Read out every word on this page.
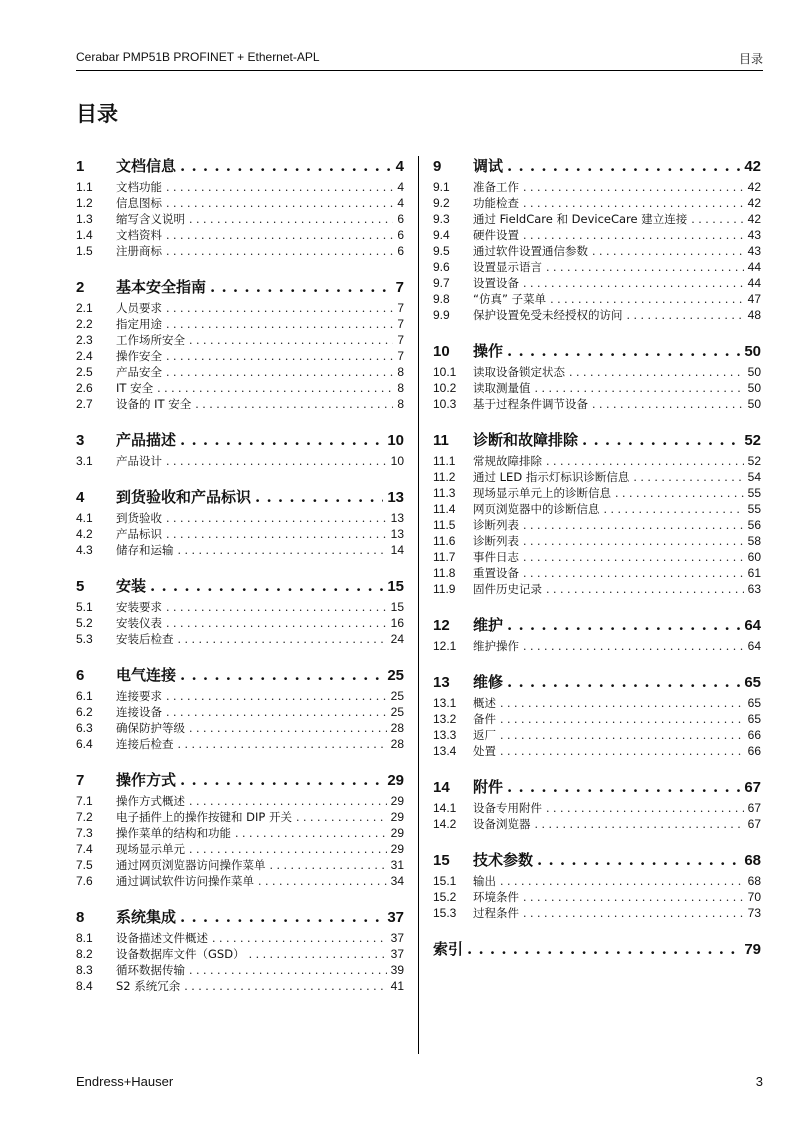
Cerabar PMP51B PROFINET + Ethernet-APL	目录
目录
1	文档信息 . . .	4
1.1	文档功能 . . .	4
1.2	信息图标 . . .	4
1.3	缩写含义说明 . . .	6
1.4	文档资料 . . .	6
1.5	注册商标 . . .	6
2	基本安全指南 . . .	7
2.1	人员要求 . . .	7
2.2	指定用途 . . .	7
2.3	工作场所安全 . . .	7
2.4	操作安全 . . .	7
2.5	产品安全 . . .	8
2.6	IT 安全 . . .	8
2.7	设备的 IT 安全 . . .	8
3	产品描述 . . .	10
3.1	产品设计 . . .	10
4	到货验收和产品标识 . . .	13
4.1	到货验收 . . .	13
4.2	产品标识 . . .	13
4.3	储存和运输 . . .	14
5	安装 . . .	15
5.1	安装要求 . . .	15
5.2	安装仪表 . . .	16
5.3	安装后检查 . . .	24
6	电气连接 . . .	25
6.1	连接要求 . . .	25
6.2	连接设备 . . .	25
6.3	确保防护等级 . . .	28
6.4	连接后检查 . . .	28
7	操作方式 . . .	29
7.1	操作方式概述 . . .	29
7.2	电子插件上的操作按键和 DIP 开关 . . .	29
7.3	操作菜单的结构和功能 . . .	29
7.4	现场显示单元 . . .	29
7.5	通过网页浏览器访问操作菜单 . . .	31
7.6	通过调试软件访问操作菜单 . . .	34
8	系统集成 . . .	37
8.1	设备描述文件概述 . . .	37
8.2	设备数据库文件（GSD） . . .	37
8.3	循环数据传输 . . .	39
8.4	S2 系统冗余 . . .	41
9	调试 . . .	42
9.1	准备工作 . . .	42
9.2	功能检查 . . .	42
9.3	通过 FieldCare 和 DeviceCare 建立连接 . . .	42
9.4	硬件设置 . . .	43
9.5	通过软件设置通信参数 . . .	43
9.6	设置显示语言 . . .	44
9.7	设置设备 . . .	44
9.8	“仿真” 子菜单 . . .	47
9.9	保护设置免受未经授权的访问 . . .	48
10	操作 . . .	50
10.1	读取设备锁定状态 . . .	50
10.2	读取测量值 . . .	50
10.3	基于过程条件调节设备 . . .	50
11	诊断和故障排除 . . .	52
11.1	常规故障排除 . . .	52
11.2	通过 LED 指示灯标识诊断信息 . . .	54
11.3	现场显示单元上的诊断信息 . . .	55
11.4	网页浏览器中的诊断信息 . . .	55
11.5	诊断列表 . . .	56
11.6	诊断列表 . . .	58
11.7	事件日志 . . .	60
11.8	重置设备 . . .	61
11.9	固件历史记录 . . .	63
12	维护 . . .	64
12.1	维护操作 . . .	64
13	维修 . . .	65
13.1	概述 . . .	65
13.2	备件 . . .	65
13.3	返厂 . . .	66
13.4	处置 . . .	66
14	附件 . . .	67
14.1	设备专用附件 . . .	67
14.2	设备浏览器 . . .	67
15	技术参数 . . .	68
15.1	输出 . . .	68
15.2	环境条件 . . .	70
15.3	过程条件 . . .	73
索引 . . .	79
Endress+Hauser	3
